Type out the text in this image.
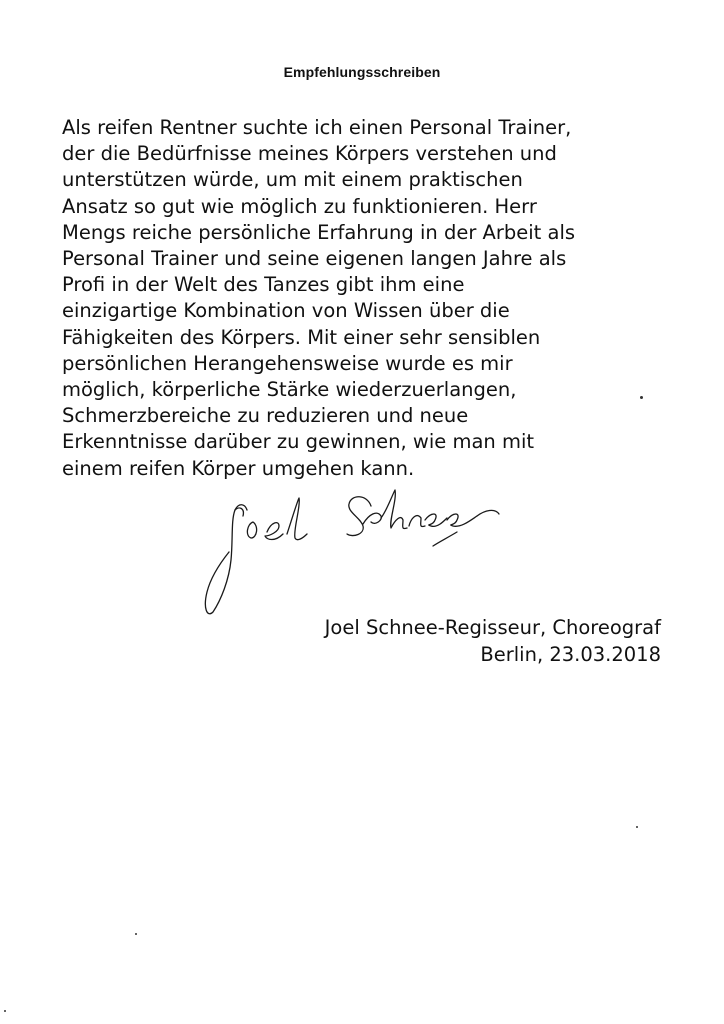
Empfehlungsschreiben
Als reifen Rentner suchte ich einen Personal Trainer,
der die Bedürfnisse meines Körpers verstehen und
unterstützen würde, um mit einem praktischen
Ansatz so gut wie möglich zu funktionieren. Herr
Mengs reiche persönliche Erfahrung in der Arbeit als
Personal Trainer und seine eigenen langen Jahre als
Profi in der Welt des Tanzes gibt ihm eine
einzigartige Kombination von Wissen über die
Fähigkeiten des Körpers. Mit einer sehr sensiblen
persönlichen Herangehensweise wurde es mir
möglich, körperliche Stärke wiederzuerlangen,
Schmerzbereiche zu reduzieren und neue
Erkenntnisse darüber zu gewinnen, wie man mit
einem reifen Körper umgehen kann.
Joel Schnee-Regisseur, Choreograf
Berlin, 23.03.2018
